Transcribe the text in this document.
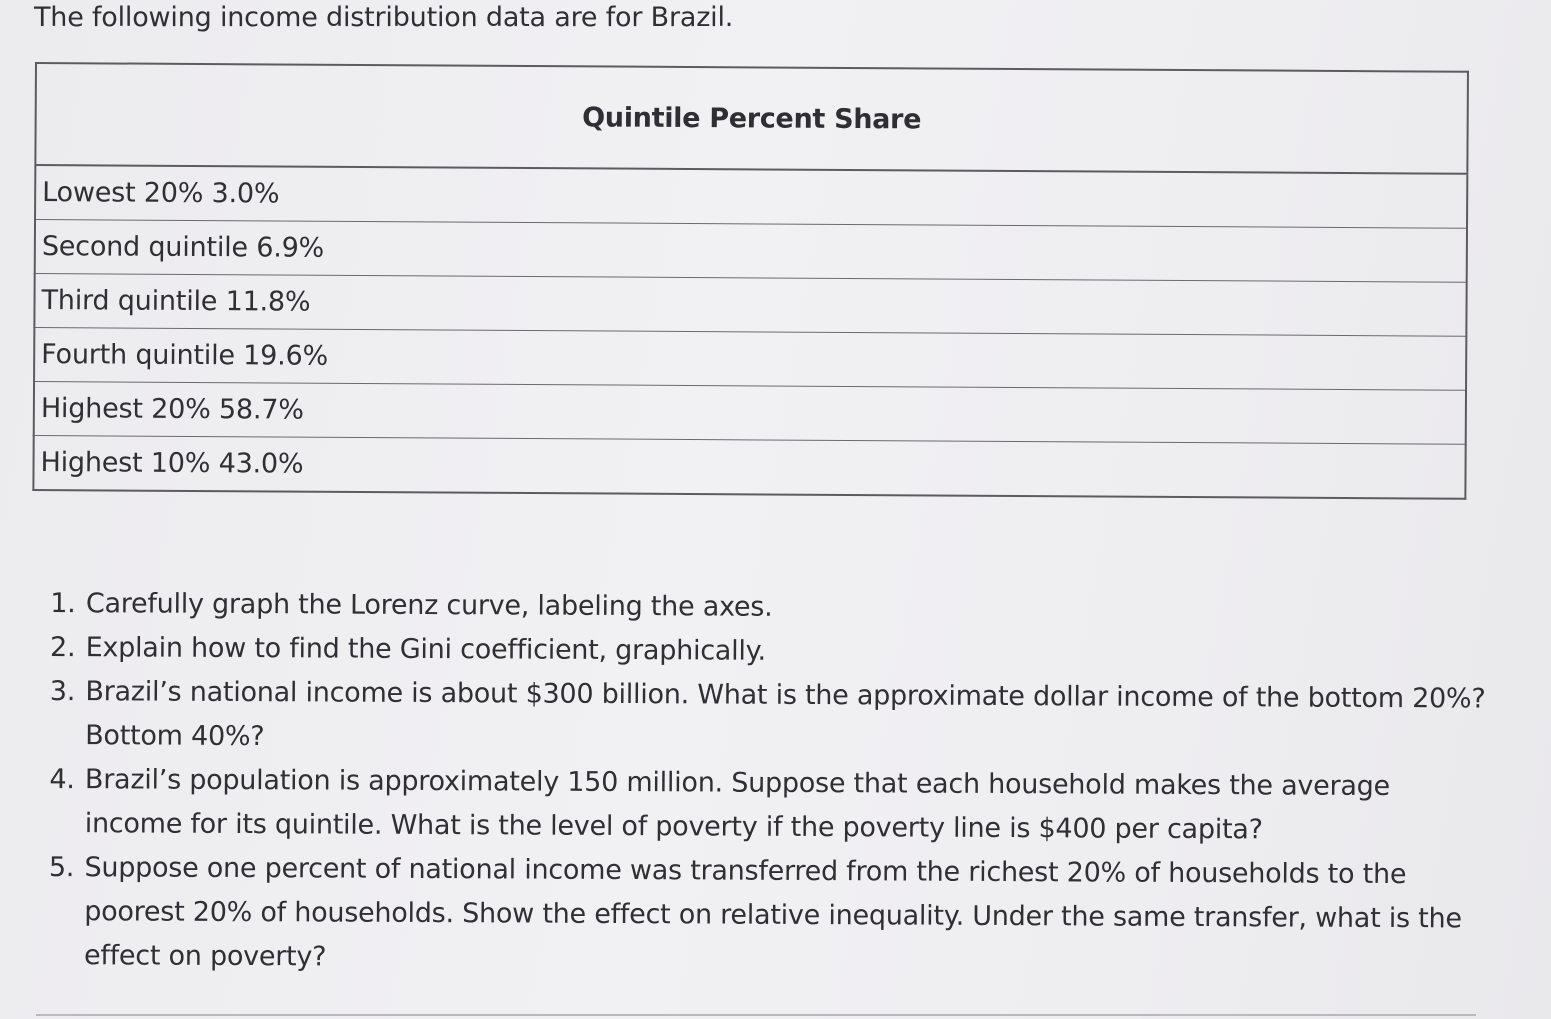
The following income distribution data are for Brazil.
Quintile Percent Share
Lowest 20% 3.0%
Second quintile 6.9%
Third quintile 11.8%
Fourth quintile 19.6%
Highest 20% 58.7%
Highest 10% 43.0%
1. Carefully graph the Lorenz curve, labeling the axes.
2. Explain how to find the Gini coefficient, graphically.
3. Brazil’s national income is about $300 billion. What is the approximate dollar income of the bottom 20%? Bottom 40%?
4. Brazil’s population is approximately 150 million. Suppose that each household makes the average income for its quintile. What is the level of poverty if the poverty line is $400 per capita?
5. Suppose one percent of national income was transferred from the richest 20% of households to the poorest 20% of households. Show the effect on relative inequality. Under the same transfer, what is the effect on poverty?
